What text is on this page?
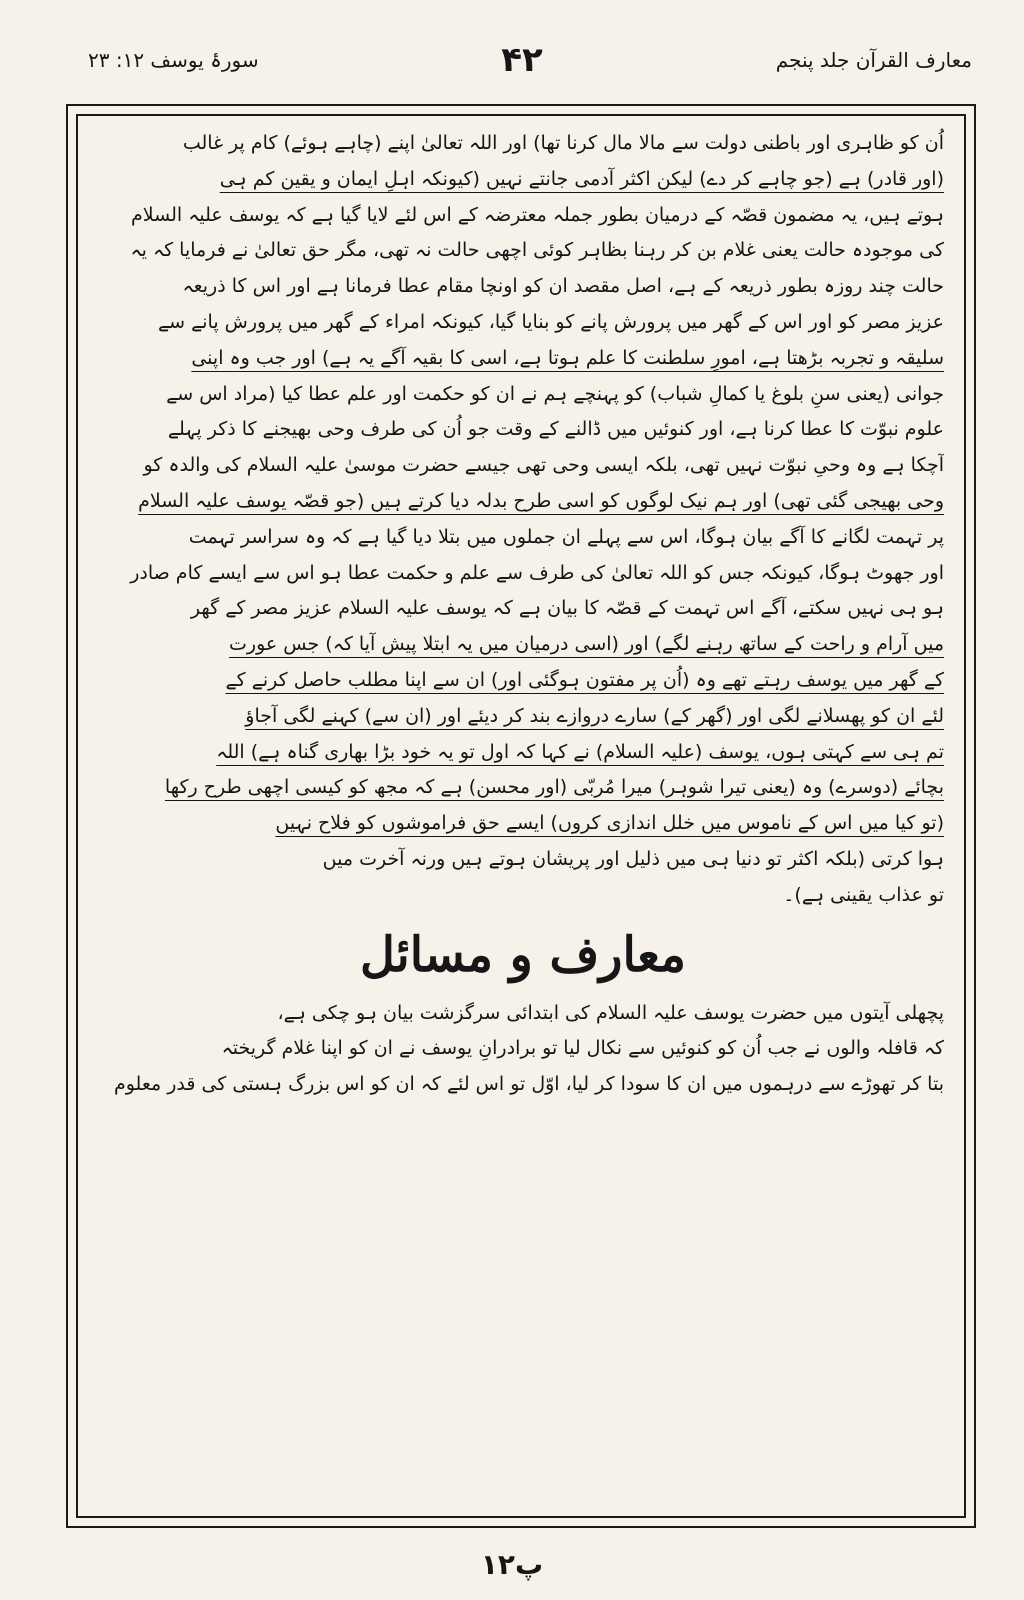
سورۂ یوسف ۱۲: ۲۳	۴۲	معارف القرآن جلد پنجم
اُن کو ظاہری اور باطنی دولت سے مالا مال کرنا تھا) اور اللہ تعالیٰ اپنے (چاہے ہوئے) کام پر غالب
(اور قادر) ہے (جو چاہے کر دے) لیکن اکثر آدمی جانتے نہیں (کیونکہ اہلِ ایمان و یقین کم ہی
ہوتے ہیں، یہ مضمون قصّہ کے درمیان بطور جملہ معترضہ کے اس لئے لایا گیا ہے کہ یوسف علیہ السلام
کی موجودہ حالت یعنی غلام بن کر رہنا بظاہر کوئی اچھی حالت نہ تھی، مگر حق تعالیٰ نے فرمایا کہ یہ
حالت چند روزہ بطور ذریعہ کے ہے، اصل مقصد ان کو اونچا مقام عطا فرمانا ہے اور اس کا ذریعہ
عزیز مصر کو اور اس کے گھر میں پرورش پانے کو بنایا گیا، کیونکہ امراء کے گھر میں پرورش پانے سے
سلیقہ و تجربہ بڑھتا ہے، امورِ سلطنت کا علم ہوتا ہے، اسی کا بقیہ آگے یہ ہے) اور جب وہ اپنی
جوانی (یعنی سنِ بلوغ یا کمالِ شباب) کو پہنچے ہم نے ان کو حکمت اور علم عطا کیا (مراد اس سے
علوم نبوّت کا عطا کرنا ہے، اور کنوئیں میں ڈالنے کے وقت جو اُن کی طرف وحی بھیجنے کا ذکر پہلے
آچکا ہے وہ وحیِ نبوّت نہیں تھی، بلکہ ایسی وحی تھی جیسے حضرت موسیٰ علیہ السلام کی والدہ کو
وحی بھیجی گئی تھی) اور ہم نیک لوگوں کو اسی طرح بدلہ دیا کرتے ہیں (جو قصّہ یوسف علیہ السلام
پر تہمت لگانے کا آگے بیان ہوگا، اس سے پہلے ان جملوں میں بتلا دیا گیا ہے کہ وہ سراسر تہمت
اور جھوٹ ہوگا، کیونکہ جس کو اللہ تعالیٰ کی طرف سے علم و حکمت عطا ہو اس سے ایسے کام صادر
ہو ہی نہیں سکتے، آگے اس تہمت کے قصّہ کا بیان ہے کہ یوسف علیہ السلام عزیز مصر کے گھر
میں آرام و راحت کے ساتھ رہنے لگے) اور (اسی درمیان میں یہ ابتلا پیش آیا کہ) جس عورت
کے گھر میں یوسف رہتے تھے وہ (اُن پر مفتون ہوگئی اور) ان سے اپنا مطلب حاصل کرنے کے
لئے ان کو پھسلانے لگی اور (گھر کے) سارے دروازے بند کر دیئے اور (ان سے) کہنے لگی آجاؤ
تم ہی سے کہتی ہوں، یوسف (علیہ السلام) نے کہا کہ اول تو یہ خود بڑا بھاری گناہ ہے) اللہ
بچائے (دوسرے) وہ (یعنی تیرا شوہر) میرا مُربّی (اور محسن) ہے کہ مجھ کو کیسی اچھی طرح رکھا
(تو کیا میں اس کے ناموس میں خلل اندازی کروں) ایسے حق فراموشوں کو فلاح نہیں
ہوا کرتی (بلکہ اکثر تو دنیا ہی میں ذلیل اور پریشان ہوتے ہیں ورنہ آخرت میں
تو عذاب یقینی ہے)۔
معارف و مسائل
پچھلی آیتوں میں حضرت یوسف علیہ السلام کی ابتدائی سرگزشت بیان ہو چکی ہے،
کہ قافلہ والوں نے جب اُن کو کنوئیں سے نکال لیا تو برادرانِ یوسف نے ان کو اپنا غلام گریختہ
بتا کر تھوڑے سے درہموں میں ان کا سودا کر لیا، اوّل تو اس لئے کہ ان کو اس بزرگ ہستی کی قدر معلوم
۱۲پ
